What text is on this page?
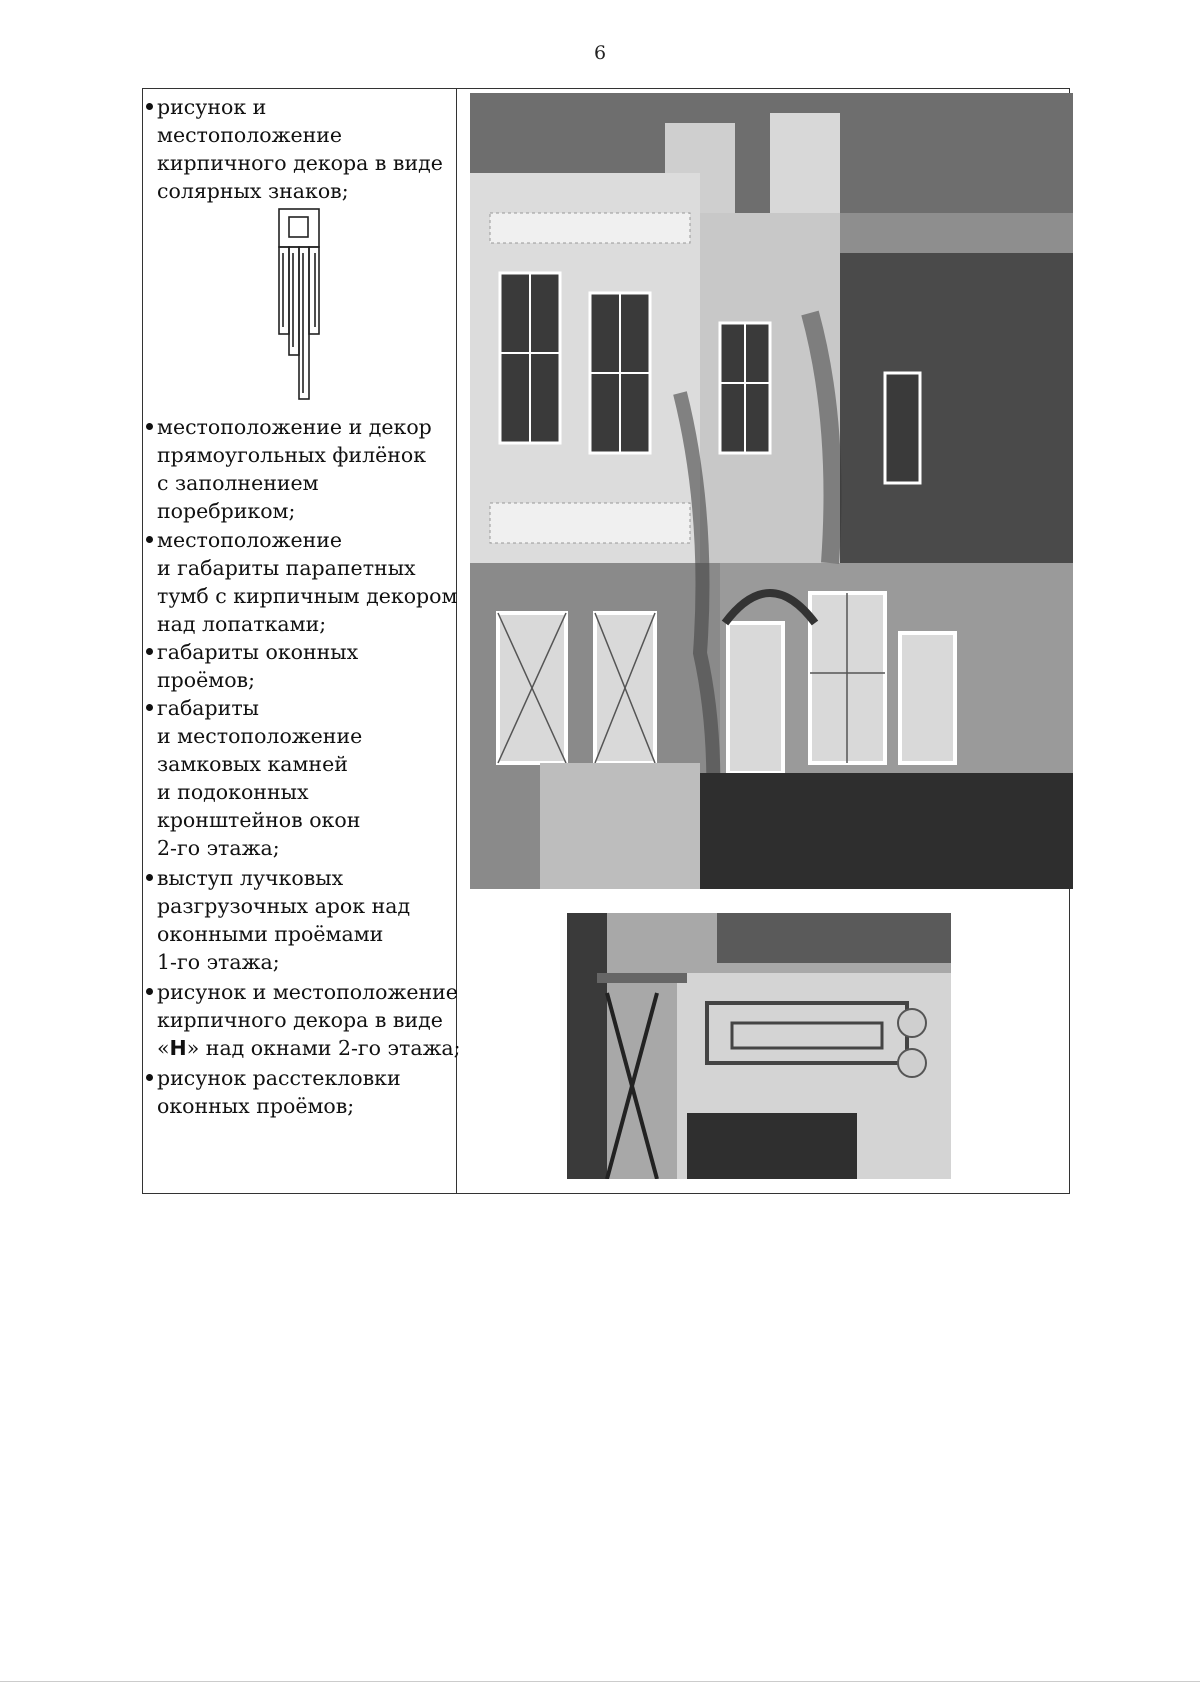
6
рисунок и
местоположение
кирпичного декора в виде
солярных знаков;
местоположение и декор
прямоугольных филёнок
с заполнением
поребриком;
местоположение
и габариты парапетных
тумб с кирпичным декором
над лопатками;
габариты оконных
проёмов;
габариты
и местоположение
замковых камней
и подоконных
кронштейнов окон
2-го этажа;
выступ лучковых
разгрузочных арок над
оконными проёмами
1-го этажа;
рисунок и местоположение
кирпичного декора в виде
«Н» над окнами 2-го этажа;
рисунок расстекловки
оконных проёмов;
